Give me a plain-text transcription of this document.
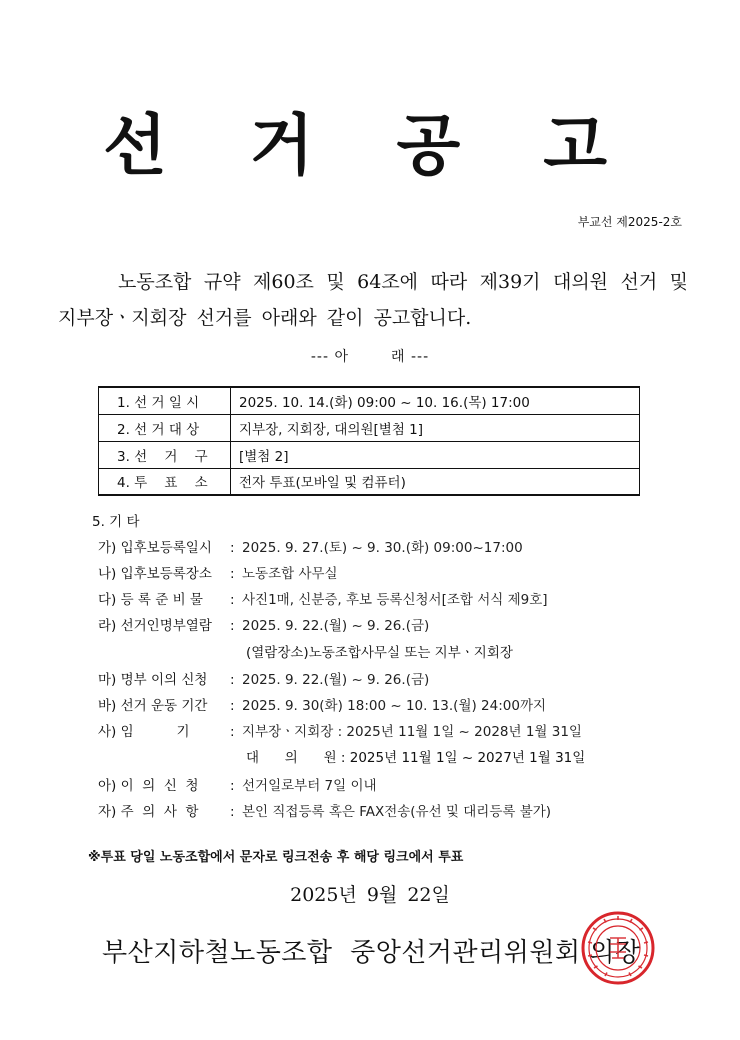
선 거 공 고
부교선 제2025-2호
노동조합 규약 제60조 및 64조에 따라 제39기 대의원 선거 및 지부장ㆍ지회장 선거를 아래와 같이 공고합니다.
--- 아	래 ---
1. 선 거 일 시	2025. 10. 14.(화) 09:00 ~ 10. 16.(목) 17:00
2. 선 거 대 상	지부장, 지회장, 대의원[별첨 1]
3. 선    거    구	[별첨 2]
4. 투    표    소	전자 투표(모바일 및 컴퓨터)
5. 기 타
가) 입후보등록일시	: 2025. 9. 27.(토) ~ 9. 30.(화) 09:00~17:00
나) 입후보등록장소	: 노동조합 사무실
다) 등 록 준 비 물	: 사진1매, 신분증, 후보 등록신청서[조합 서식 제9호]
라) 선거인명부열람	: 2025. 9. 22.(월) ~ 9. 26.(금)
(열람장소)노동조합사무실 또는 지부ㆍ지회장
마) 명부 이의 신청	: 2025. 9. 22.(월) ~ 9. 26.(금)
바) 선거 운동 기간	: 2025. 9. 30(화) 18:00 ~ 10. 13.(월) 24:00까지
사) 임          기	: 지부장ㆍ지회장 : 2025년 11월 1일 ~ 2028년 1월 31일
대      의      원 : 2025년 11월 1일 ~ 2027년 1월 31일
아) 이  의  신  청	: 선거일로부터 7일 이내
자) 주  의  사  항	: 본인 직접등록 혹은 FAX전송(유선 및 대리등록 불가)
※투표 당일 노동조합에서 문자로 링크전송 후 해당 링크에서 투표
2025년 9월 22일
부산지하철노동조합  중앙선거관리위원회 의장
